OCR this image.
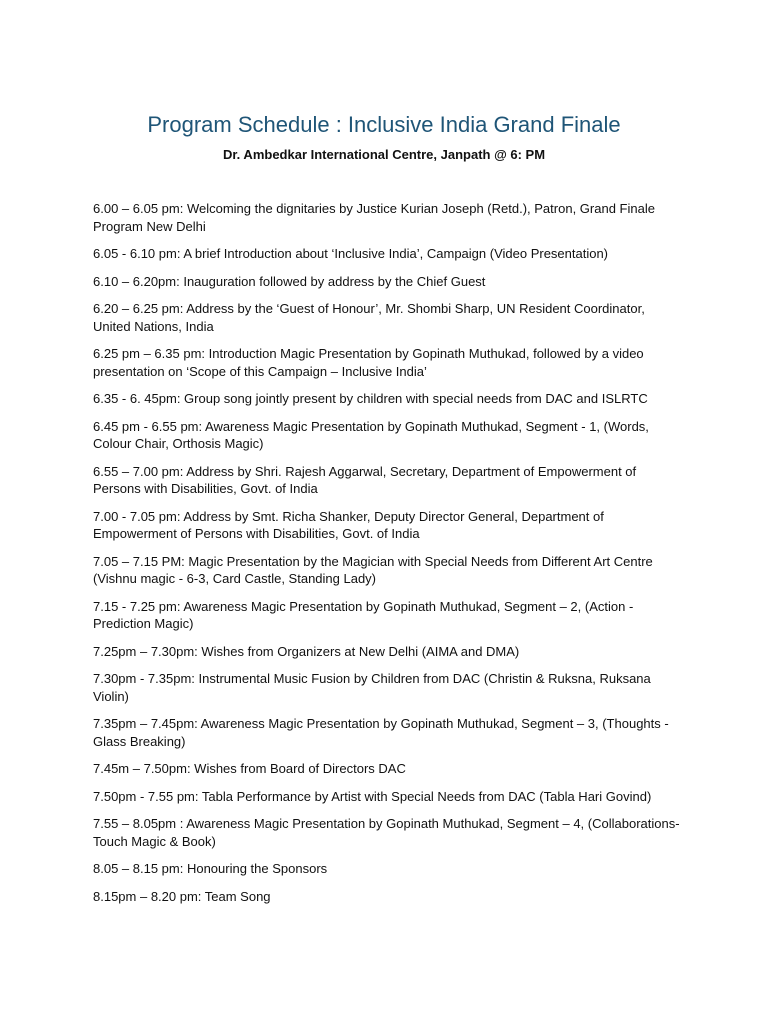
Program Schedule : Inclusive India Grand Finale
Dr. Ambedkar International Centre, Janpath @ 6: PM
6.00 – 6.05 pm: Welcoming the dignitaries by Justice Kurian Joseph (Retd.), Patron, Grand Finale Program New Delhi
6.05 - 6.10 pm: A brief Introduction about ‘Inclusive India’, Campaign (Video Presentation)
6.10 – 6.20pm: Inauguration followed by address by the Chief Guest
6.20 – 6.25 pm: Address by the ‘Guest of Honour’, Mr. Shombi Sharp, UN Resident Coordinator, United Nations, India
6.25 pm – 6.35 pm: Introduction Magic Presentation by Gopinath Muthukad, followed by a video presentation on ‘Scope of this Campaign – Inclusive India’
6.35 - 6. 45pm: Group song jointly present by children with special needs from DAC and ISLRTC
6.45 pm - 6.55 pm: Awareness Magic Presentation by Gopinath Muthukad, Segment - 1, (Words, Colour Chair, Orthosis Magic)
6.55 – 7.00 pm: Address by Shri. Rajesh Aggarwal, Secretary, Department of Empowerment of Persons with Disabilities, Govt. of India
7.00 - 7.05 pm: Address by Smt. Richa Shanker, Deputy Director General, Department of Empowerment of Persons with Disabilities, Govt. of India
7.05 – 7.15 PM: Magic Presentation by the Magician with Special Needs from Different Art Centre (Vishnu magic - 6-3, Card Castle, Standing Lady)
7.15 - 7.25 pm: Awareness Magic Presentation by Gopinath Muthukad, Segment – 2, (Action - Prediction Magic)
7.25pm – 7.30pm: Wishes from Organizers at New Delhi (AIMA and DMA)
7.30pm - 7.35pm: Instrumental Music Fusion by Children from DAC (Christin & Ruksna, Ruksana Violin)
7.35pm – 7.45pm: Awareness Magic Presentation by Gopinath Muthukad, Segment – 3, (Thoughts - Glass Breaking)
7.45m – 7.50pm: Wishes from Board of Directors DAC
7.50pm - 7.55 pm: Tabla Performance by Artist with Special Needs from DAC (Tabla Hari Govind)
7.55 – 8.05pm : Awareness Magic Presentation by Gopinath Muthukad, Segment – 4, (Collaborations- Touch Magic & Book)
8.05 – 8.15 pm: Honouring the Sponsors
8.15pm – 8.20 pm: Team Song
